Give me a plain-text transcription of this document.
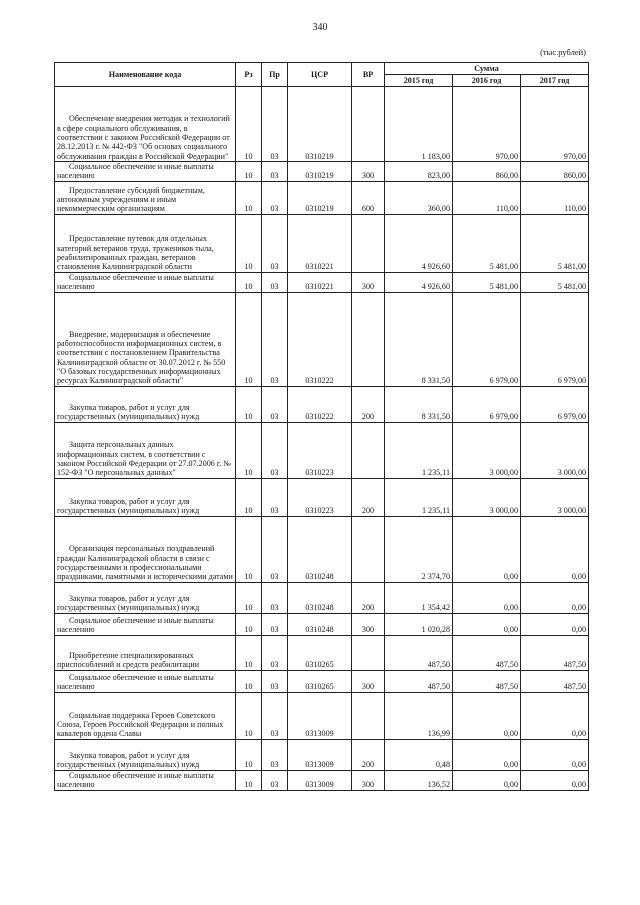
340
(тыс.рублей)
Наименование кода	Рз	Пр	ЦСР	ВР	Сумма		
					2015 год	2016 год	2017 год
Обеспечение внедрения методик и технологий в сфере социального обслуживания, в соответствии с законом Российской Федерации от 28.12.2013 г. № 442-ФЗ "Об основах социального обслуживания граждан в Российской Федерации"	10	03	0310219		1 183,00	970,00	970,00
Социальное обеспечение и иные выплаты населению	10	03	0310219	300	823,00	860,00	860,00
Предоставление субсидий бюджетным, автономным учреждениям и иным некоммерческим организациям	10	03	0310219	600	360,00	110,00	110,00
Предоставление путевок для отдельных категорий ветеранов труда, тружеников тыла, реабилитированных граждан, ветеранов становления Калининградской области	10	03	0310221		4 926,60	5 481,00	5 481,00
Социальное обеспечение и иные выплаты населению	10	03	0310221	300	4 926,60	5 481,00	5 481,00
Внедрение, модернизация и обеспечение работоспособности информационных систем, в соответствии с постановлением Правительства Калининградской области от 30.07.2012 г. № 550 "О базовых государственных информационных ресурсах Калининградской области"	10	03	0310222		8 331,50	6 979,00	6 979,00
Закупка товаров, работ и услуг для государственных (муниципальных) нужд	10	03	0310222	200	8 331,50	6 979,00	6 979,00
Защита персональных данных информационных систем, в соответствии с законом Российской Федерации от 27.07.2006 г. № 152-ФЗ "О персональных данных"	10	03	0310223		1 235,11	3 000,00	3 000,00
Закупка товаров, работ и услуг для государственных (муниципальных) нужд	10	03	0310223	200	1 235,11	3 000,00	3 000,00
Организация персональных поздравлений граждан Калининградской области в связи с государственными и профессиональными праздниками, памятными и историческими датами	10	03	0310248		2 374,70	0,00	0,00
Закупка товаров, работ и услуг для государственных (муниципальных) нужд	10	03	0310248	200	1 354,42	0,00	0,00
Социальное обеспечение и иные выплаты населению	10	03	0310248	300	1 020,28	0,00	0,00
Приобретение специализированных приспособлений и средств реабилитации	10	03	0310265		487,50	487,50	487,50
Социальное обеспечение и иные выплаты населению	10	03	0310265	300	487,50	487,50	487,50
Социальная поддержка Героев Советского Союза, Героев Российской Федерации и полных кавалеров ордена Славы	10	03	0313009		136,99	0,00	0,00
Закупка товаров, работ и услуг для государственных (муниципальных) нужд	10	03	0313009	200	0,48	0,00	0,00
Социальное обеспечение и иные выплаты населению	10	03	0313009	300	136,52	0,00	0,00
